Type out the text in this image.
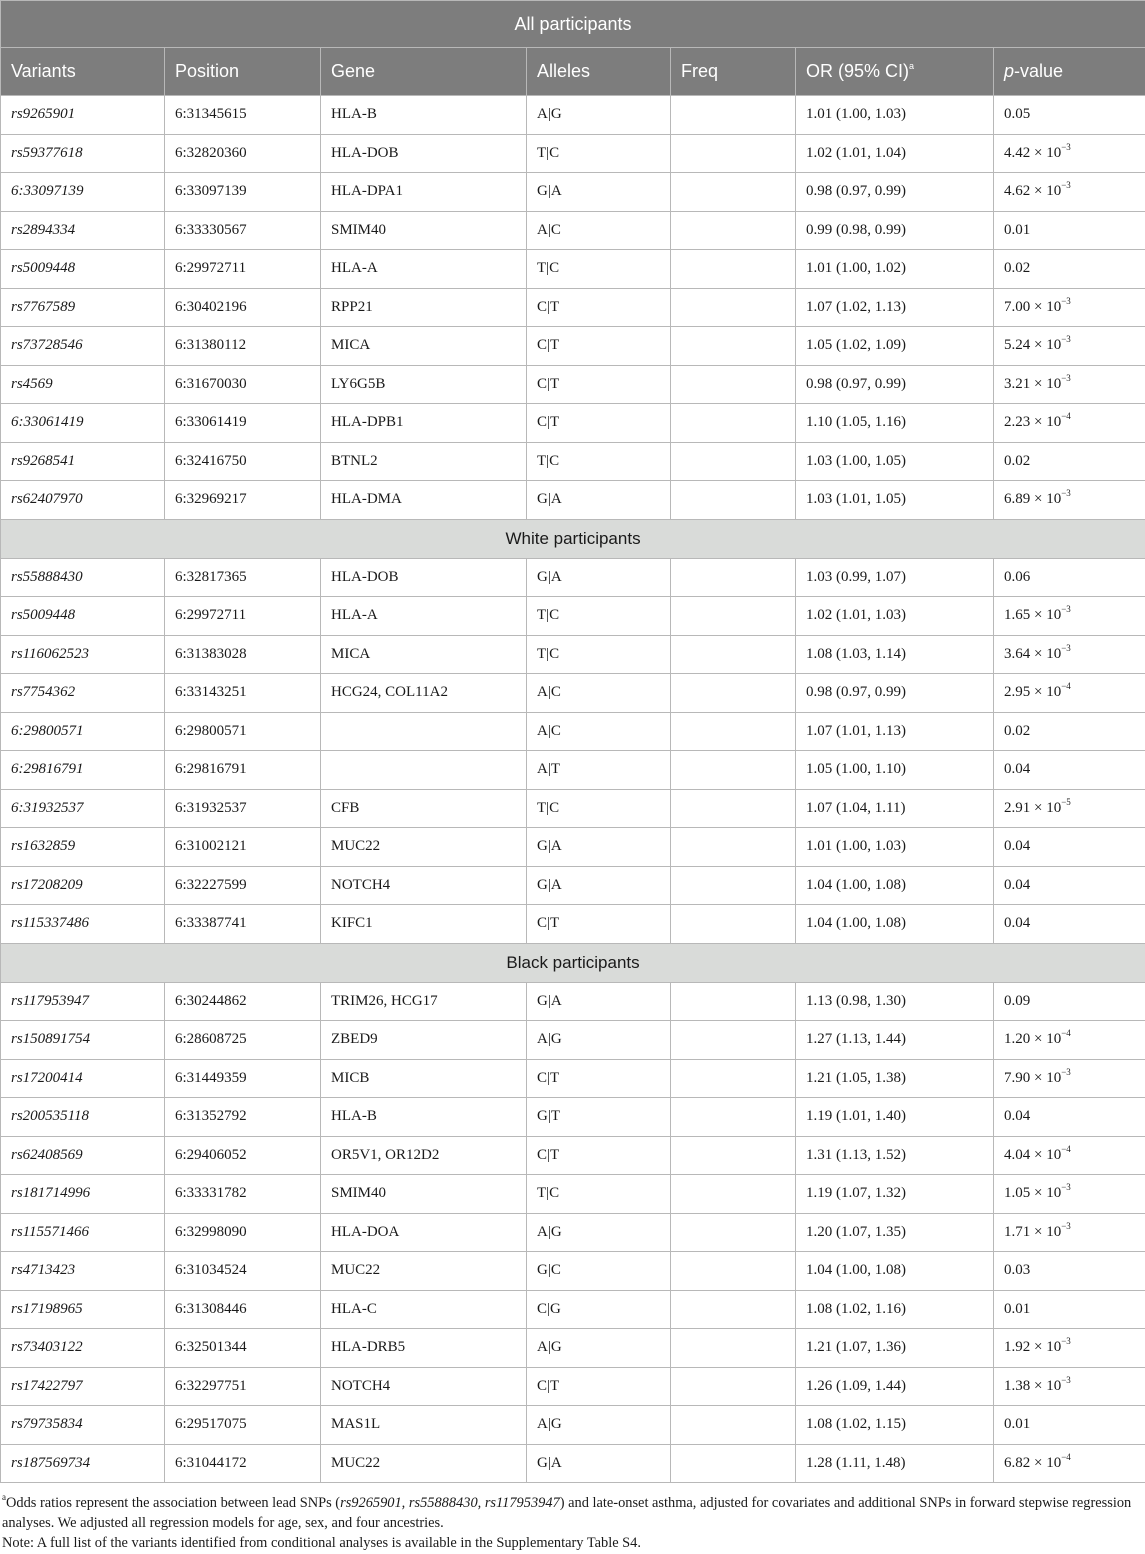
All participants						
Variants	Position	Gene	Alleles	Freq	OR (95% CI)$^a$	p-value
rs9265901	6:31345615	HLA-B	A|G		1.01 (1.00, 1.03)	0.05
rs59377618	6:32820360	HLA-DOB	T|C		1.02 (1.01, 1.04)	$4.42 \times 10^{-3}$
6:33097139	6:33097139	HLA-DPA1	G|A		0.98 (0.97, 0.99)	$4.62 \times 10^{-3}$
rs2894334	6:33330567	SMIM40	A|C		0.99 (0.98, 0.99)	0.01
rs5009448	6:29972711	HLA-A	T|C		1.01 (1.00, 1.02)	0.02
rs7767589	6:30402196	RPP21	C|T		1.07 (1.02, 1.13)	$7.00 \times 10^{-3}$
rs73728546	6:31380112	MICA	C|T		1.05 (1.02, 1.09)	$5.24 \times 10^{-3}$
rs4569	6:31670030	LY6G5B	C|T		0.98 (0.97, 0.99)	$3.21 \times 10^{-3}$
6:33061419	6:33061419	HLA-DPB1	C|T		1.10 (1.05, 1.16)	$2.23 \times 10^{-4}$
rs9268541	6:32416750	BTNL2	T|C		1.03 (1.00, 1.05)	0.02
rs62407970	6:32969217	HLA-DMA	G|A		1.03 (1.01, 1.05)	$6.89 \times 10^{-3}$
White participants						
rs55888430	6:32817365	HLA-DOB	G|A		1.03 (0.99, 1.07)	0.06
rs5009448	6:29972711	HLA-A	T|C		1.02 (1.01, 1.03)	$1.65 \times 10^{-3}$
rs116062523	6:31383028	MICA	T|C		1.08 (1.03, 1.14)	$3.64 \times 10^{-3}$
rs7754362	6:33143251	HCG24, COL11A2	A|C		0.98 (0.97, 0.99)	$2.95 \times 10^{-4}$
6:29800571	6:29800571		A|C		1.07 (1.01, 1.13)	0.02
6:29816791	6:29816791		A|T		1.05 (1.00, 1.10)	0.04
6:31932537	6:31932537	CFB	T|C		1.07 (1.04, 1.11)	$2.91 \times 10^{-5}$
rs1632859	6:31002121	MUC22	G|A		1.01 (1.00, 1.03)	0.04
rs17208209	6:32227599	NOTCH4	G|A		1.04 (1.00, 1.08)	0.04
rs115337486	6:33387741	KIFC1	C|T		1.04 (1.00, 1.08)	0.04
Black participants						
rs117953947	6:30244862	TRIM26, HCG17	G|A		1.13 (0.98, 1.30)	0.09
rs150891754	6:28608725	ZBED9	A|G		1.27 (1.13, 1.44)	$1.20 \times 10^{-4}$
rs17200414	6:31449359	MICB	C|T		1.21 (1.05, 1.38)	$7.90 \times 10^{-3}$
rs200535118	6:31352792	HLA-B	G|T		1.19 (1.01, 1.40)	0.04
rs62408569	6:29406052	OR5V1, OR12D2	C|T		1.31 (1.13, 1.52)	$4.04 \times 10^{-4}$
rs181714996	6:33331782	SMIM40	T|C		1.19 (1.07, 1.32)	$1.05 \times 10^{-3}$
rs115571466	6:32998090	HLA-DOA	A|G		1.20 (1.07, 1.35)	$1.71 \times 10^{-3}$
rs4713423	6:31034524	MUC22	G|C		1.04 (1.00, 1.08)	0.03
rs17198965	6:31308446	HLA-C	C|G		1.08 (1.02, 1.16)	0.01
rs73403122	6:32501344	HLA-DRB5	A|G		1.21 (1.07, 1.36)	$1.92 \times 10^{-3}$
rs17422797	6:32297751	NOTCH4	C|T		1.26 (1.09, 1.44)	$1.38 \times 10^{-3}$
rs79735834	6:29517075	MAS1L	A|G		1.08 (1.02, 1.15)	0.01
rs187569734	6:31044172	MUC22	G|A		1.28 (1.11, 1.48)	$6.82 \times 10^{-4}$

$^a$Odds ratios represent the association between lead SNPs (rs9265901, rs55888430, rs117953947) and late-onset asthma, adjusted for covariates and additional SNPs in forward stepwise regression analyses. We adjusted all regression models for age, sex, and four ancestries.

Note: A full list of the variants identified from conditional analyses is available in the Supplementary Table S4.
